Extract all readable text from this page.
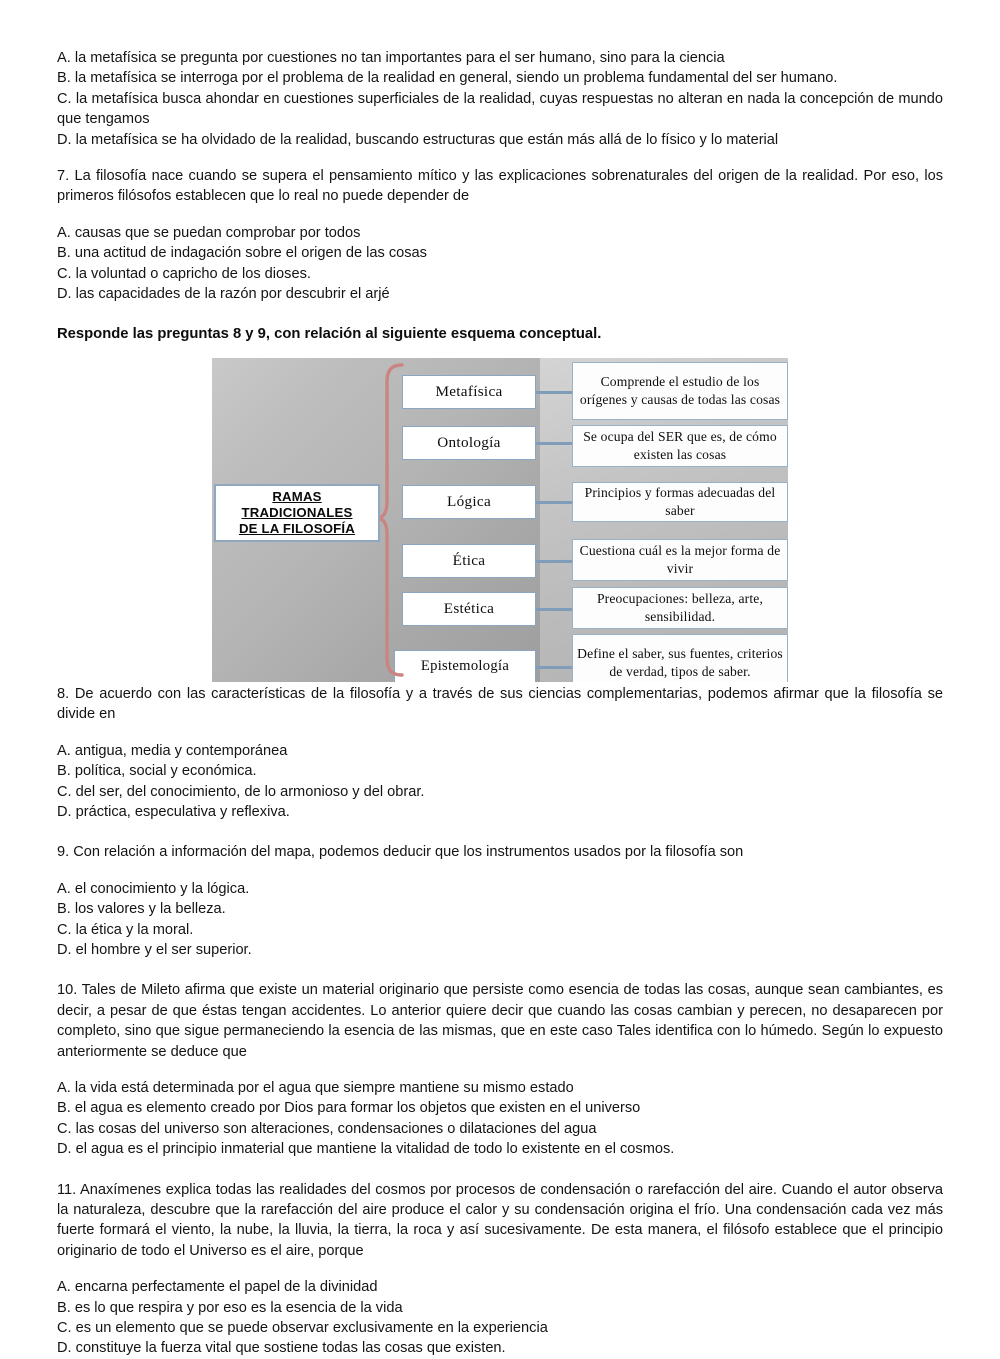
A. la metafísica se pregunta por cuestiones no tan importantes para el ser humano, sino para la ciencia

B. la metafísica se interroga por el problema de la realidad en general, siendo un problema fundamental del ser humano.

C. la metafísica busca ahondar en cuestiones superficiales de la realidad, cuyas respuestas no alteran en nada la concepción de mundo que tengamos

D. la metafísica se ha olvidado de la realidad, buscando estructuras que están más allá de lo físico y lo material

7. La filosofía nace cuando se supera el pensamiento mítico y las explicaciones sobrenaturales del origen de la realidad. Por eso, los primeros filósofos establecen que lo real no puede depender de

A. causas que se puedan comprobar por todos

B. una actitud de indagación sobre el origen de las cosas

C. la voluntad o capricho de los dioses.

D. las capacidades de la razón por descubrir el arjé

Responde las preguntas 8 y 9, con relación al siguiente esquema conceptual.

RAMAS
TRADICIONALES
DE LA FILOSOFÍA
Metafísica
Ontología
Lógica
Ética
Estética
Epistemología
Comprende el estudio de los orígenes y causas de todas las cosas
Se ocupa del SER que es, de cómo existen las cosas
Principios y formas adecuadas del saber
Cuestiona cuál es la mejor forma de vivir
Preocupaciones: belleza, arte, sensibilidad.
Define el saber, sus fuentes, criterios de verdad, tipos de saber.

8. De acuerdo con las características de la filosofía y a través de sus ciencias complementarias, podemos afirmar que la filosofía se divide en

A. antigua, media y contemporánea

B. política, social y económica.

C. del ser, del conocimiento, de lo armonioso y del obrar.

D. práctica, especulativa y reflexiva.

9. Con relación a información del mapa, podemos deducir que los instrumentos usados por la filosofía son

A. el conocimiento y la lógica.

B. los valores y la belleza.

C. la ética y la moral.

D. el hombre y el ser superior.

10. Tales de Mileto afirma que existe un material originario que persiste como esencia de todas las cosas, aunque sean cambiantes, es decir, a pesar de que éstas tengan accidentes. Lo anterior quiere decir que cuando las cosas cambian y perecen, no desaparecen por completo, sino que sigue permaneciendo la esencia de las mismas, que en este caso Tales identifica con lo húmedo. Según lo expuesto anteriormente se deduce que

A. la vida está determinada por el agua que siempre mantiene su mismo estado

B. el agua es elemento creado por Dios para formar los objetos que existen en el universo

C. las cosas del universo son alteraciones, condensaciones o dilataciones del agua

D. el agua es el principio inmaterial que mantiene la vitalidad de todo lo existente en el cosmos.

11. Anaxímenes explica todas las realidades del cosmos por procesos de condensación o rarefacción del aire. Cuando el autor observa la naturaleza, descubre que la rarefacción del aire produce el calor y su condensación origina el frío. Una condensación cada vez más fuerte formará el viento, la nube, la lluvia, la tierra, la roca y así sucesivamente. De esta manera, el filósofo establece que el principio originario de todo el Universo es el aire, porque

A. encarna perfectamente el papel de la divinidad

B. es lo que respira y por eso es la esencia de la vida

C. es un elemento que se puede observar exclusivamente en la experiencia

D. constituye la fuerza vital que sostiene todas las cosas que existen.
